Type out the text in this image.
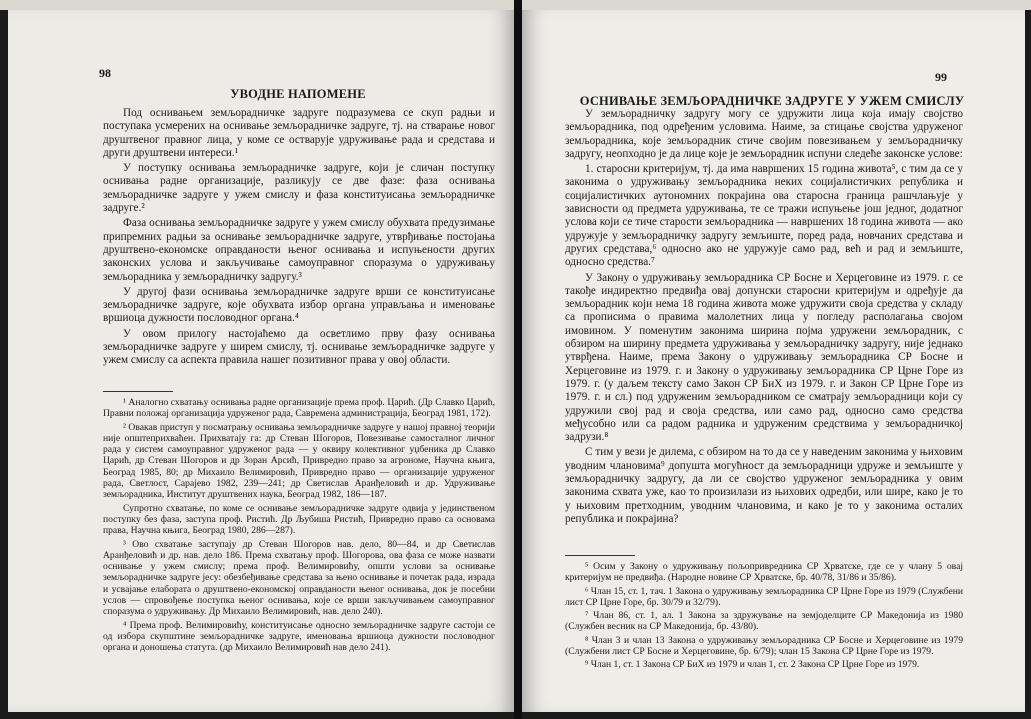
98
УВОДНЕ НАПОМЕНЕ

Под оснивањем земљорадничке задруге подразумева се скуп радњи и поступака усмерених на оснивање земљорадничке задруге, тј. на стварање новог друштвеног правног лица, у коме се остварује удруживање рада и средстава и други друштвени интереси.¹

У поступку оснивања земљорадничке задруге, који је сличан поступку оснивања радне организације, разликују се две фазе: фаза оснивања земљорадничке задруге у ужем смислу и фаза конституисања земљорадничке задруге.²

Фаза оснивања земљорадничке задруге у ужем смислу обухвата предузимање припремних радњи за оснивање земљорадничке задруге, утврђивање постојања друштвено-економске оправданости њеног оснивања и испуњености других законских услова и закључивање самоуправног споразума о удруживању земљорадника у земљорадничку задругу.³

У другој фази оснивања земљорадничке задруге врши се конституисање земљорадничке задруге, које обухвата избор органа управљања и именовање вршиоца дужности пословодног органа.⁴

У овом прилогу настојаћемо да осветлимо прву фазу оснивања земљорадничке задруге у ширем смислу, тј. оснивање земљорадничке задруге у ужем смислу са аспекта правила нашег позитивног права у овој области.

¹ Аналогно схватању оснивања радне организације према проф. Царић. (Др Славко Царић, Правни положај организација удруженог рада, Савремена администрација, Београд 1981, 172).

² Овакав приступ у посматрању оснивања земљорадничке задруге у нашој правној теорији није општеприхваћен. Прихватају га: др Стеван Шогоров, Повезивање самосталног личног рада у систем самоуправног удруженог рада — у оквиру колективног уџбеника др Славко Царић, др Стеван Шогоров и др Зоран Арсић, Привредно право за агрономе, Научна књига, Београд 1985, 80; др Михаило Велимировић, Привредно право — организације удруженог рада, Светлост, Сарајево 1982, 239—241; др Светислав Аранђеловић и др. Удруживање земљорадника, Институт друштвених наука, Београд 1982, 186—187.

Супротно схватање, по коме се оснивање земљорадничке задруге одвија у јединственом поступку без фаза, заступа проф. Ристић. Др Љубиша Ристић, Привредно право са основама права, Научна књига, Београд 1980, 286—287).

³ Ово схватање заступају др Стеван Шогоров нав. дело, 80—84, и др Светислав Аранђеловић и др. нав. дело 186. Према схватању проф. Шогорова, ова фаза се може назвати оснивање у ужем смислу; према проф. Велимировићу, општи услови за оснивање земљорадничке задруге јесу: обезбеђивање средстава за њено оснивање и почетак рада, израда и усвајање елабората о друштвено-економској оправданости њеног оснивања, док је посебни услов — спровођење поступка њеног оснивања, које се врши закључивањем самоуправног споразума о удруживању. Др Михаило Велимировић, нав. дело 240).

⁴ Према проф. Велимировићу, конституисање односно земљорадничке задруге састоји се од избора скупштине земљорадничке задруге, именовања вршиоца дужности пословодног органа и доношења статута. (др Михаило Велимировић нав дело 241).

99
ОСНИВАЊЕ ЗЕМЉОРАДНИЧКЕ ЗАДРУГЕ У УЖЕМ СМИСЛУ

У земљорадничку задругу могу се удружити лица која имају својство земљорадника, под одређеним условима. Наиме, за стицање својства удруженог земљорадника, које земљорадник стиче својим повезивањем у земљорадничку задругу, неопходно је да лице које је земљорадник испуни следеће законске услове:

1. старосни критеријум, тј. да има навршених 15 година живота⁵, с тим да се у законима о удруживању земљорадника неких социјалистичких република и социјалистичких аутономних покрајина ова старосна граница рашчлањује у зависности од предмета удруживања, те се тражи испуњење још једног, додатног услова који се тиче старости земљорадника — навршених 18 година живота — ако удружује у земљорадничку задругу земљиште, поред рада, новчаних средстава и других средстава,⁶ односно ако не удружује само рад, већ и рад и земљиште, односно средства.⁷

У Закону о удруживању земљорадника СР Босне и Херцеговине из 1979. г. се такође индиректно предвиђа овај допунски старосни критеријум и одређује да земљорадник који нема 18 година живота може удружити своја средства у складу са прописима о правима малолетних лица у погледу располагања својом имовином. У поменутим законима ширина појма удружени земљорадник, с обзиром на ширину предмета удруживања у земљорадничку задругу, није једнако утврђена. Наиме, према Закону о удруживању земљорадника СР Босне и Херцеговине из 1979. г. и Закону о удруживању земљорадника СР Црне Горе из 1979. г. (у даљем тексту само Закон СР БиХ из 1979. г. и Закон СР Црне Горе из 1979. г. и сл.) под удруженим земљорадником се сматрају земљорадници који су удружили свој рад и своја средства, или само рад, односно само средства међусобно или са радом радника и удруженим средствима у земљорадничкој задрузи.⁸

С тим у вези је дилема, с обзиром на то да се у наведеним законима у њиховим уводним члановима⁹ допушта могућност да земљорадници удруже и земљиште у земљорадничку задругу, да ли се својство удруженог земљорадника у овим законима схвата уже, као то произилази из њихових одредби, или шире, како је то у њиховим претходним, уводним члановима, и како је то у законима осталих република и покрајина?

⁵ Осим у Закону о удруживању пољопривредника СР Хрватске, где се у члану 5 овај критеријум не предвиђа. (Народне новине СР Хрватске, бр. 40/78, 31/86 и 35/86).

⁶ Члан 15, ст. 1, тач. 1 Закона о удруживању земљорадника СР Црне Горе из 1979 (Службени лист СР Црне Горе, бр. 30/79 и 32/79).

⁷ Члан 86, ст. 1, ал. 1 Закона за здружување на земјоделците СР Македонија из 1980 (Службен весник на СР Македонија, бр. 43/80).

⁸ Члан 3 и члан 13 Закона о удруживању земљорадника СР Босне и Херцеговине из 1979 (Службени лист СР Босне и Херцеговине, бр. 6/79); члан 15 Закона СР Црне Горе из 1979.

⁹ Члан 1, ст. 1 Закона СР БиХ из 1979 и члан 1, ст. 2 Закона СР Црне Горе из 1979.
